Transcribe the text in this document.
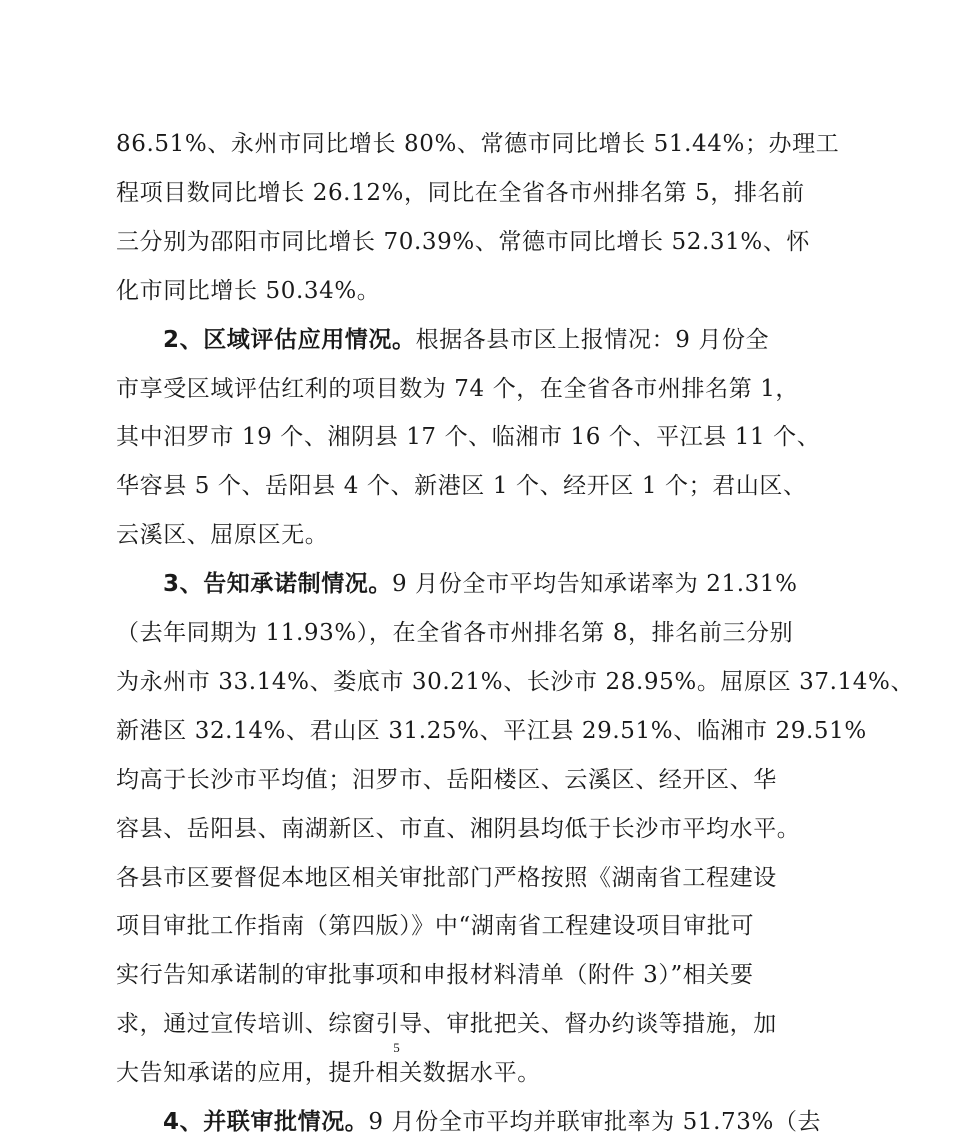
86.51%、永州市同比增长 80%、常德市同比增长 51.44%；办理工
程项目数同比增长 26.12%，同比在全省各市州排名第 5，排名前
三分别为邵阳市同比增长 70.39%、常德市同比增长 52.31%、怀
化市同比增长 50.34%。
2、区域评估应用情况。根据各县市区上报情况：9 月份全
市享受区域评估红利的项目数为 74 个，在全省各市州排名第 1，
其中汨罗市 19 个、湘阴县 17 个、临湘市 16 个、平江县 11 个、
华容县 5 个、岳阳县 4 个、新港区 1 个、经开区 1 个；君山区、
云溪区、屈原区无。
3、告知承诺制情况。9 月份全市平均告知承诺率为 21.31%
（去年同期为 11.93%），在全省各市州排名第 8，排名前三分别
为永州市 33.14%、娄底市 30.21%、长沙市 28.95%。屈原区 37.14%、
新港区 32.14%、君山区 31.25%、平江县 29.51%、临湘市 29.51%
均高于长沙市平均值；汨罗市、岳阳楼区、云溪区、经开区、华
容县、岳阳县、南湖新区、市直、湘阴县均低于长沙市平均水平。
各县市区要督促本地区相关审批部门严格按照《湖南省工程建设
项目审批工作指南（第四版）》中“湖南省工程建设项目审批可
实行告知承诺制的审批事项和申报材料清单（附件 3）”相关要
求，通过宣传培训、综窗引导、审批把关、督办约谈等措施，加
大告知承诺的应用，提升相关数据水平。
4、并联审批情况。9 月份全市平均并联审批率为 51.73%（去
5
